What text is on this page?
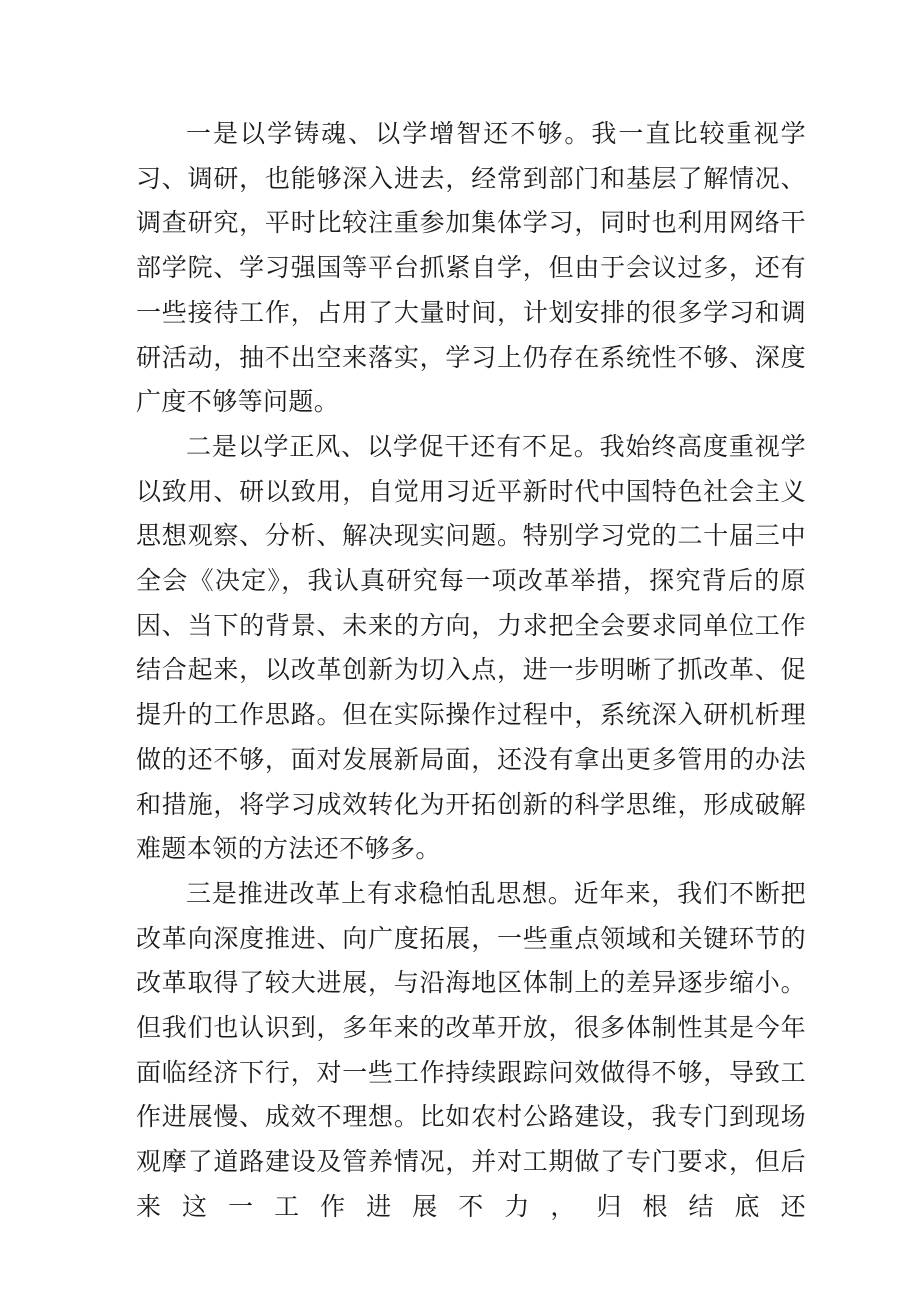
一是以学铸魂、以学增智还不够。我一直比较重视学习、调研，也能够深入进去，经常到部门和基层了解情况、调查研究，平时比较注重参加集体学习，同时也利用网络干部学院、学习强国等平台抓紧自学，但由于会议过多，还有一些接待工作，占用了大量时间，计划安排的很多学习和调研活动，抽不出空来落实，学习上仍存在系统性不够、深度广度不够等问题。

二是以学正风、以学促干还有不足。我始终高度重视学以致用、研以致用，自觉用习近平新时代中国特色社会主义思想观察、分析、解决现实问题。特别学习党的二十届三中全会《决定》，我认真研究每一项改革举措，探究背后的原因、当下的背景、未来的方向，力求把全会要求同单位工作结合起来，以改革创新为切入点，进一步明晰了抓改革、促提升的工作思路。但在实际操作过程中，系统深入研机析理做的还不够，面对发展新局面，还没有拿出更多管用的办法和措施，将学习成效转化为开拓创新的科学思维，形成破解难题本领的方法还不够多。

三是推进改革上有求稳怕乱思想。近年来，我们不断把改革向深度推进、向广度拓展，一些重点领域和关键环节的改革取得了较大进展，与沿海地区体制上的差异逐步缩小。但我们也认识到，多年来的改革开放，很多体制性其是今年面临经济下行，对一些工作持续跟踪问效做得不够，导致工作进展慢、成效不理想。比如农村公路建设，我专门到现场观摩了道路建设及管养情况，并对工期做了专门要求，但后来这一工作进展不力，归根结底还
